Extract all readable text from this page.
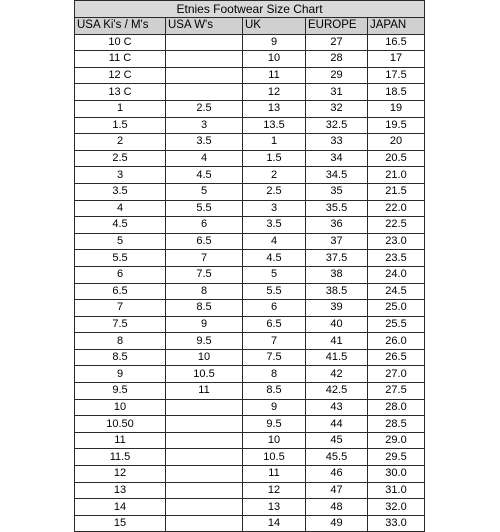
Etnies Footwear Size Chart				
USA Ki's / M's	USA W's	UK	EUROPE	JAPAN
10 C		9	27	16.5
11 C		10	28	17
12 C		11	29	17.5
13 C		12	31	18.5
1	2.5	13	32	19
1.5	3	13.5	32.5	19.5
2	3.5	1	33	20
2.5	4	1.5	34	20.5
3	4.5	2	34.5	21.0
3.5	5	2.5	35	21.5
4	5.5	3	35.5	22.0
4.5	6	3.5	36	22.5
5	6.5	4	37	23.0
5.5	7	4.5	37.5	23.5
6	7.5	5	38	24.0
6.5	8	5.5	38.5	24.5
7	8.5	6	39	25.0
7.5	9	6.5	40	25.5
8	9.5	7	41	26.0
8.5	10	7.5	41.5	26.5
9	10.5	8	42	27.0
9.5	11	8.5	42.5	27.5
10		9	43	28.0
10.50		9.5	44	28.5
11		10	45	29.0
11.5		10.5	45.5	29.5
12		11	46	30.0
13		12	47	31.0
14		13	48	32.0
15		14	49	33.0
